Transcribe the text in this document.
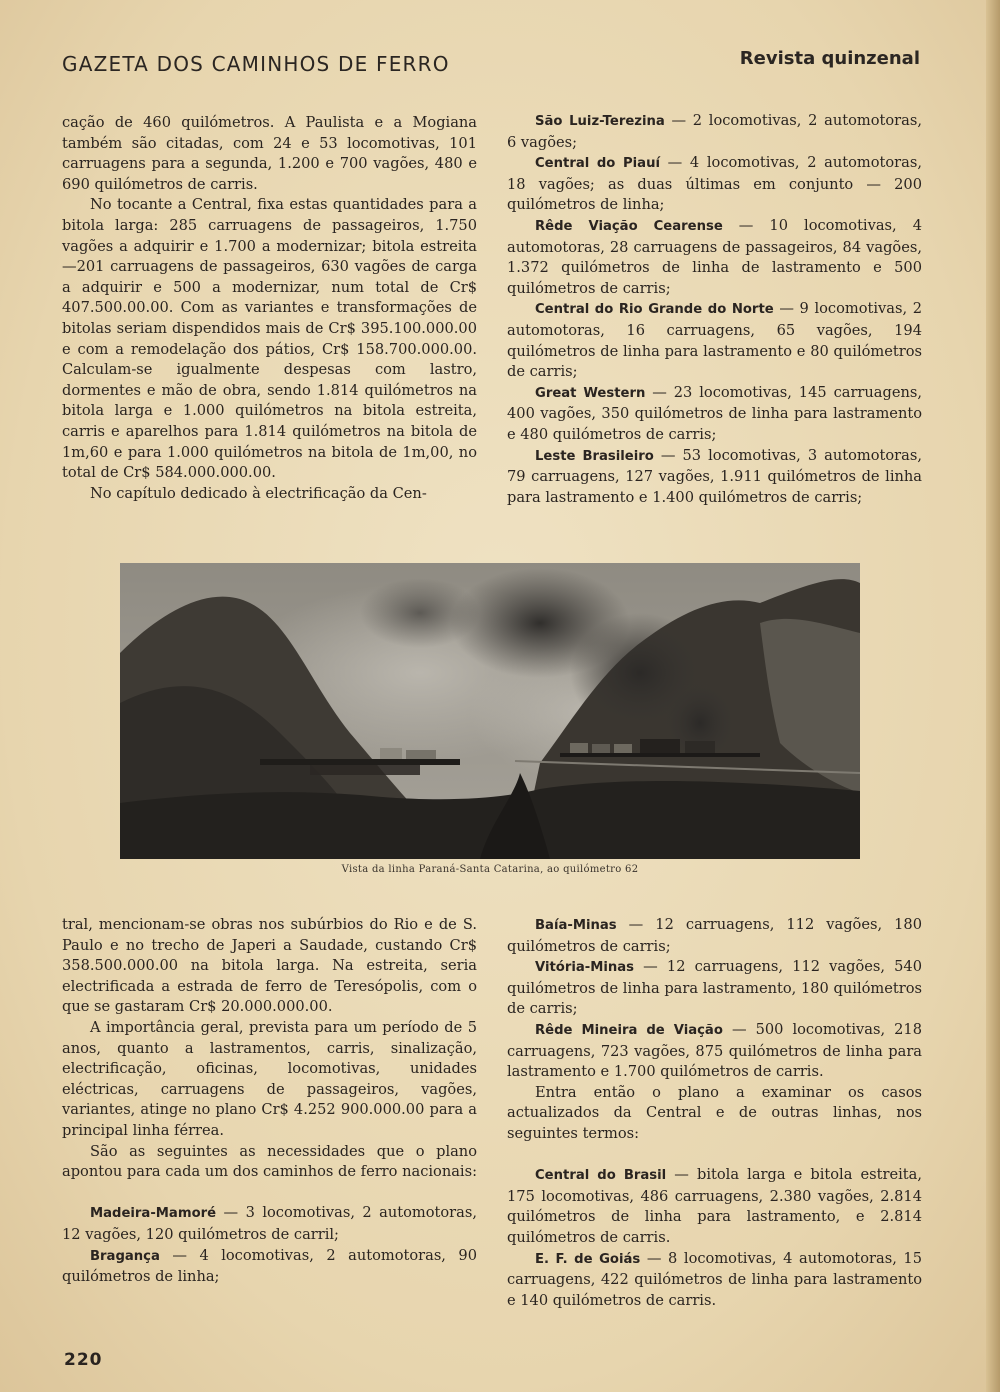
GAZETA DOS CAMINHOS DE FERRO	Revista quinzenal

cação de 460 quilómetros. A Paulista e a Mogiana também são citadas, com 24 e 53 locomotivas, 101 carruagens para a segunda, 1.200 e 700 vagões, 480 e 690 quilómetros de carris.

No tocante a Central, fixa estas quantidades para a bitola larga: 285 carruagens de passageiros, 1.750 vagões a adquirir e 1.700 a modernizar; bitola estreita—201 carruagens de passageiros, 630 vagões de carga a adquirir e 500 a modernizar, num total de Cr$ 407.500.00.00. Com as variantes e transformações de bitolas seriam dispendidos mais de Cr$ 395.100.000.00 e com a remodelação dos pátios, Cr$ 158.700.000.00. Calculam-se igualmente despesas com lastro, dormentes e mão de obra, sendo 1.814 quilómetros na bitola larga e 1.000 quilómetros na bitola estreita, carris e aparelhos para 1.814 quilómetros na bitola de 1m,60 e para 1.000 quilómetros na bitola de 1m,00, no total de Cr$ 584.000.000.00.

No capítulo dedicado à electrificação da Cen-

São Luiz-Terezina — 2 locomotivas, 2 automotoras, 6 vagões;

Central do Piauí — 4 locomotivas, 2 automotoras, 18 vagões; as duas últimas em conjunto — 200 quilómetros de linha;

Rêde Viação Cearense — 10 locomotivas, 4 automotoras, 28 carruagens de passageiros, 84 vagões, 1.372 quilómetros de linha de lastramento e 500 quilómetros de carris;

Central do Rio Grande do Norte — 9 locomotivas, 2 automotoras, 16 carruagens, 65 vagões, 194 quilómetros de linha para lastramento e 80 quilómetros de carris;

Great Western — 23 locomotivas, 145 carruagens, 400 vagões, 350 quilómetros de linha para lastramento e 480 quilómetros de carris;

Leste Brasileiro — 53 locomotivas, 3 automotoras, 79 carruagens, 127 vagões, 1.911 quilómetros de linha para lastramento e 1.400 quilómetros de carris;

Vista da linha Paraná-Santa Catarina, ao quilómetro 62

tral, mencionam-se obras nos subúrbios do Rio e de S. Paulo e no trecho de Japeri a Saudade, custando Cr$ 358.500.000.00 na bitola larga. Na estreita, seria electrificada a estrada de ferro de Teresópolis, com o que se gastaram Cr$ 20.000.000.00.

A importância geral, prevista para um período de 5 anos, quanto a lastramentos, carris, sinalização, electrificação, oficinas, locomotivas, unidades eléctricas, carruagens de passageiros, vagões, variantes, atinge no plano Cr$ 4.252 900.000.00 para a principal linha férrea.

São as seguintes as necessidades que o plano apontou para cada um dos caminhos de ferro nacionais:

Madeira-Mamoré — 3 locomotivas, 2 automotoras, 12 vagões, 120 quilómetros de carril;

Bragança — 4 locomotivas, 2 automotoras, 90 quilómetros de linha;

Baía-Minas — 12 carruagens, 112 vagões, 180 quilómetros de carris;

Vitória-Minas — 12 carruagens, 112 vagões, 540 quilómetros de linha para lastramento, 180 quilómetros de carris;

Rêde Mineira de Viação — 500 locomotivas, 218 carruagens, 723 vagões, 875 quilómetros de linha para lastramento e 1.700 quilómetros de carris.

Entra então o plano a examinar os casos actualizados da Central e de outras linhas, nos seguintes termos:

Central do Brasil — bitola larga e bitola estreita, 175 locomotivas, 486 carruagens, 2.380 vagões, 2.814 quilómetros de linha para lastramento, e 2.814 quilómetros de carris.

E. F. de Goiás — 8 locomotivas, 4 automotoras, 15 carruagens, 422 quilómetros de linha para lastramento e 140 quilómetros de carris.

220
